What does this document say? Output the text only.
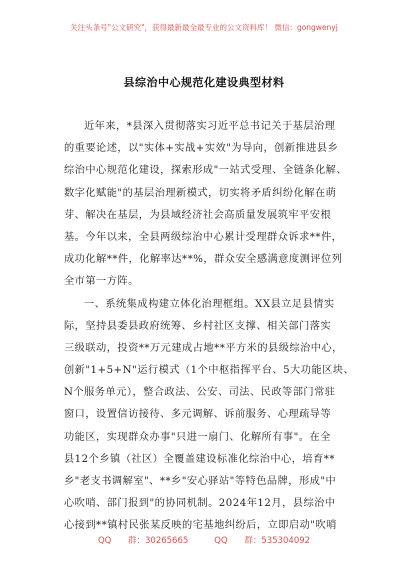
关注头条号"公文研究"，获得最新最全最专业的公文资料库！ 微信：gongwenyj
县综治中心规范化建设典型材料
近年来，*县深入贯彻落实习近平总书记关于基层治理
的重要论述，以"实体+实战+实效"为导向，创新推进县乡
综治中心规范化建设，探索形成"一站式受理、全链条化解、
数字化赋能"的基层治理新模式，切实将矛盾纠纷化解在萌
芽、解决在基层，为县域经济社会高质量发展筑牢平安根
基。今年以来，全县两级综治中心累计受理群众诉求**件，
成功化解**件，化解率达**%，群众安全感满意度测评位列
全市第一方阵。
一、系统集成构建立体化治理框组。XX县立足县情实
际，坚持县委县政府统筹、乡村社区支撑、相关部门落实
三级联动，投资**万元建成占地**平方米的县级综治中心，
创新"1+5+N"运行模式（1个中枢指挥平台、5大功能区块、
N个服务单元），整合政法、公安、司法、民政等部门常驻
窗口，设置信访接待、多元调解、诉前服务、心理疏导等
功能区，实现群众办事"只进一扇门、化解所有事"。在全
县12个乡镇（社区）全覆盖建设标准化综治中心，培育**
乡"老支书调解室"、**乡"安心驿站"等特色品牌，形成"中
心吹哨、部门报到"的协同机制。2024年12月，县综治中
心接到**镇村民张某反映的宅基地纠纷后，立即启动"吹哨
QQ 群：30265665	QQ 群：535304092
